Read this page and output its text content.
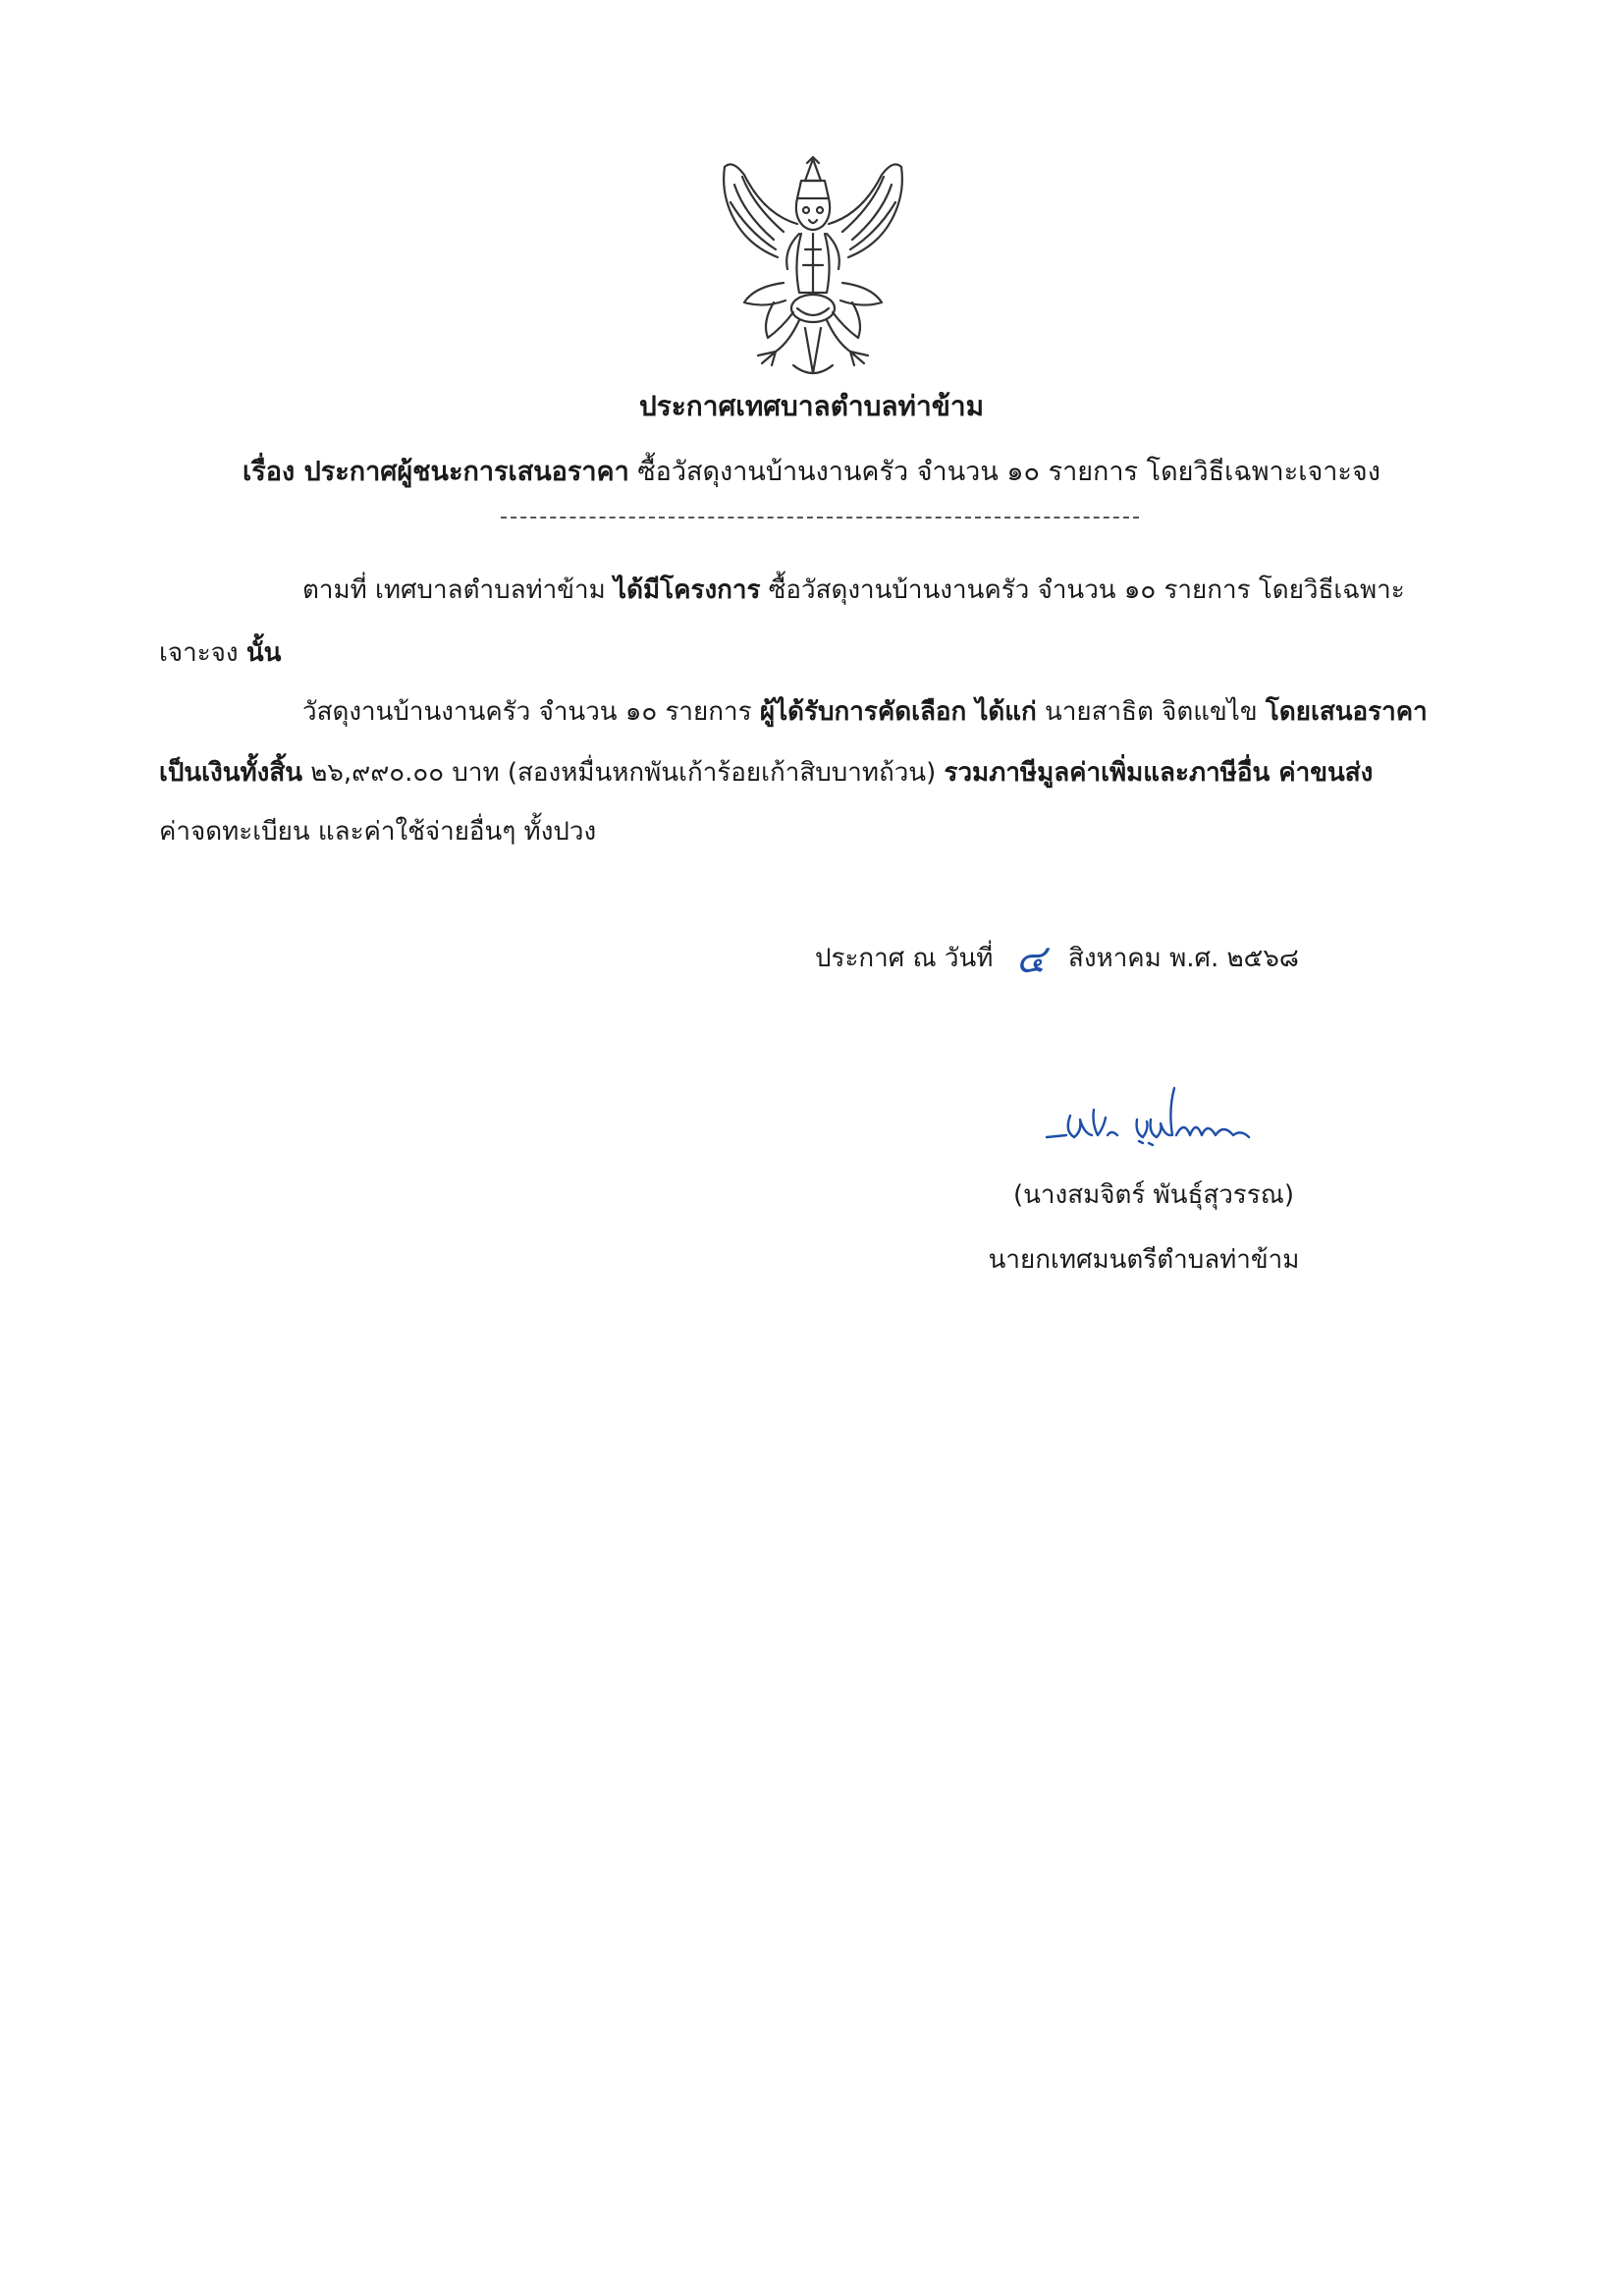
ประกาศเทศบาลตำบลท่าข้าม
เรื่อง ประกาศผู้ชนะการเสนอราคา ซื้อวัสดุงานบ้านงานครัว จำนวน ๑๐ รายการ โดยวิธีเฉพาะเจาะจง
ตามที่ เทศบาลตำบลท่าข้าม ได้มีโครงการ ซื้อวัสดุงานบ้านงานครัว จำนวน ๑๐ รายการ โดยวิธีเฉพาะ
เจาะจง นั้น
วัสดุงานบ้านงานครัว จำนวน ๑๐ รายการ ผู้ได้รับการคัดเลือก ได้แก่ นายสาธิต จิตแขไข โดยเสนอราคา
เป็นเงินทั้งสิ้น ๒๖,๙๙๐.๐๐ บาท (สองหมื่นหกพันเก้าร้อยเก้าสิบบาทถ้วน) รวมภาษีมูลค่าเพิ่มและภาษีอื่น ค่าขนส่ง
ค่าจดทะเบียน และค่าใช้จ่ายอื่นๆ ทั้งปวง
ประกาศ ณ วันที่ ๔ สิงหาคม พ.ศ. ๒๕๖๘
(นางสมจิตร์ พันธุ์สุวรรณ)
นายกเทศมนตรีตำบลท่าข้าม
